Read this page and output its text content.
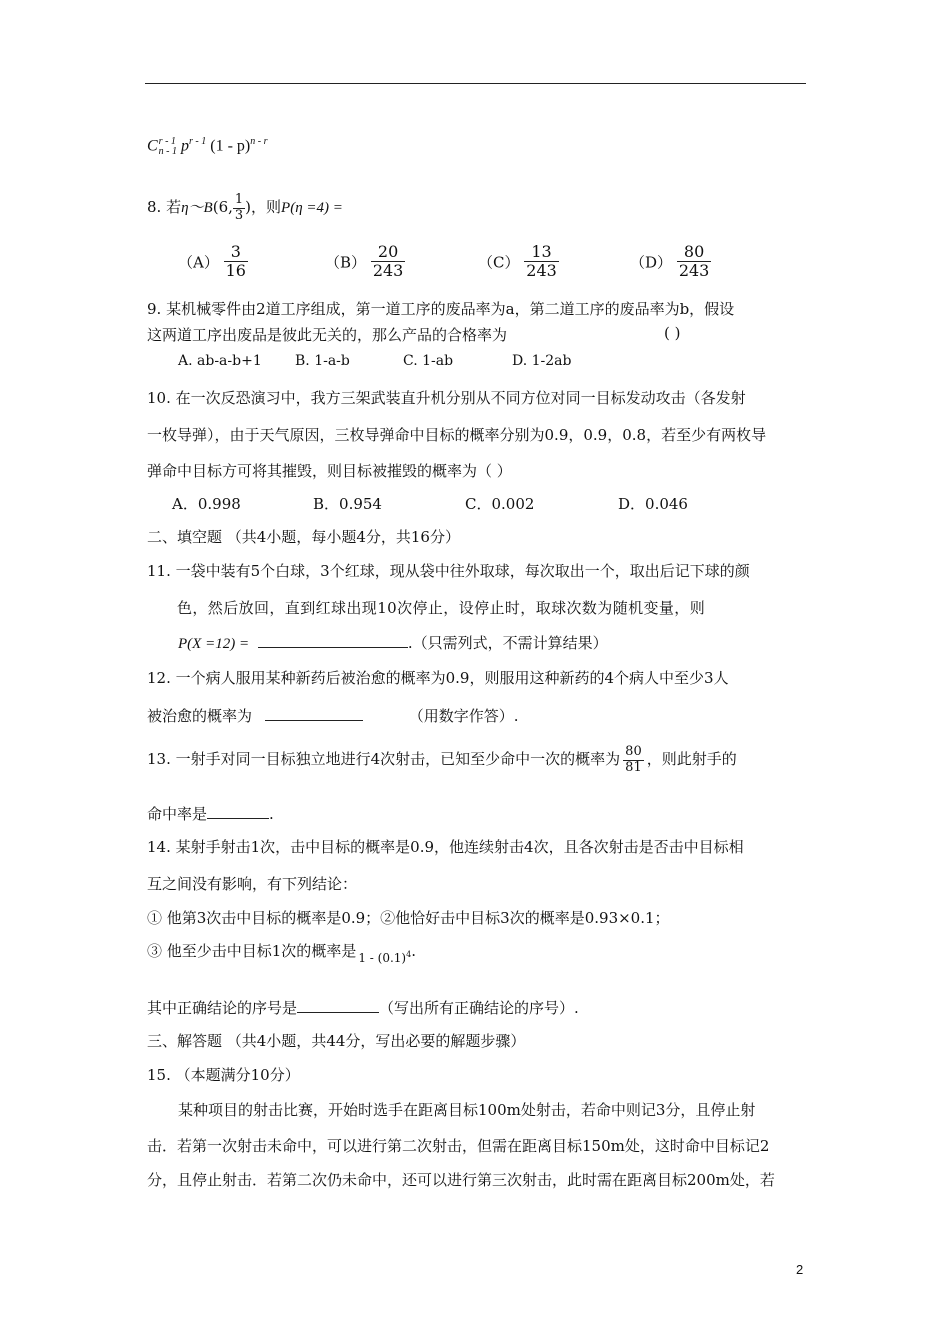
C r - 1
n - 1 $p^{r - 1}$ (1 - p)$^{n - r}$
8. 若η～B(6, $\frac{1}{3}$ )，则P(η =4) =
$(A) \frac{3}{16}$	$(B) \frac{20}{243}$	$(C) \frac{13}{243}$	$(D) \frac{80}{243}$
9. 某机械零件由2道工序组成，第一道工序的废品率为a，第二道工序的废品率为b，假设
这两道工序出废品是彼此无关的，那么产品的合格率为	( )
A. ab-a-b+1 B. 1-a-b	C. 1-ab	D. 1-2ab
10. 在一次反恐演习中，我方三架武装直升机分别从不同方位对同一目标发动攻击（各发射
一枚导弹），由于天气原因，三枚导弹命中目标的概率分别为0.9，0.9，0.8，若至少有两枚导
弹命中目标方可将其摧毁，则目标被摧毁的概率为（ ）
A．0.998	B．0.954	C．0.002	D．0.046
二、填空题 （共4小题，每小题4分，共16分）
11. 一袋中装有5个白球，3个红球，现从袋中往外取球，每次取出一个，取出后记下球的颜
色，然后放回，直到红球出现10次停止，设停止时，取球次数为随机变量，则
P(X =12) =	.（只需列式，不需计算结果）
12. 一个病人服用某种新药后被治愈的概率为0.9，则服用这种新药的4个病人中至少3人
被治愈的概率为	（用数字作答）.
13. 一射手对同一目标独立地进行4次射击，已知至少命中一次的概率为 $\frac{80}{81}$ ，则此射手的
命中率是	.
14. 某射手射击1次，击中目标的概率是0.9，他连续射击4次，且各次射击是否击中目标相
互之间没有影响，有下列结论：
① 他第3次击中目标的概率是0.9；②他恰好击中目标3次的概率是0.93×0.1；
③ 他至少击中目标1次的概率是 $_{1 - (0.1)^4}$.
其中正确结论的序号是	（写出所有正确结论的序号）.
三、解答题 （共4小题，共44分，写出必要的解题步骤）
15. （本题满分10分）
某种项目的射击比赛，开始时选手在距离目标100m处射击，若命中则记3分，且停止射
击．若第一次射击未命中，可以进行第二次射击，但需在距离目标150m处，这时命中目标记2
分，且停止射击．若第二次仍未命中，还可以进行第三次射击，此时需在距离目标200m处，若
2
